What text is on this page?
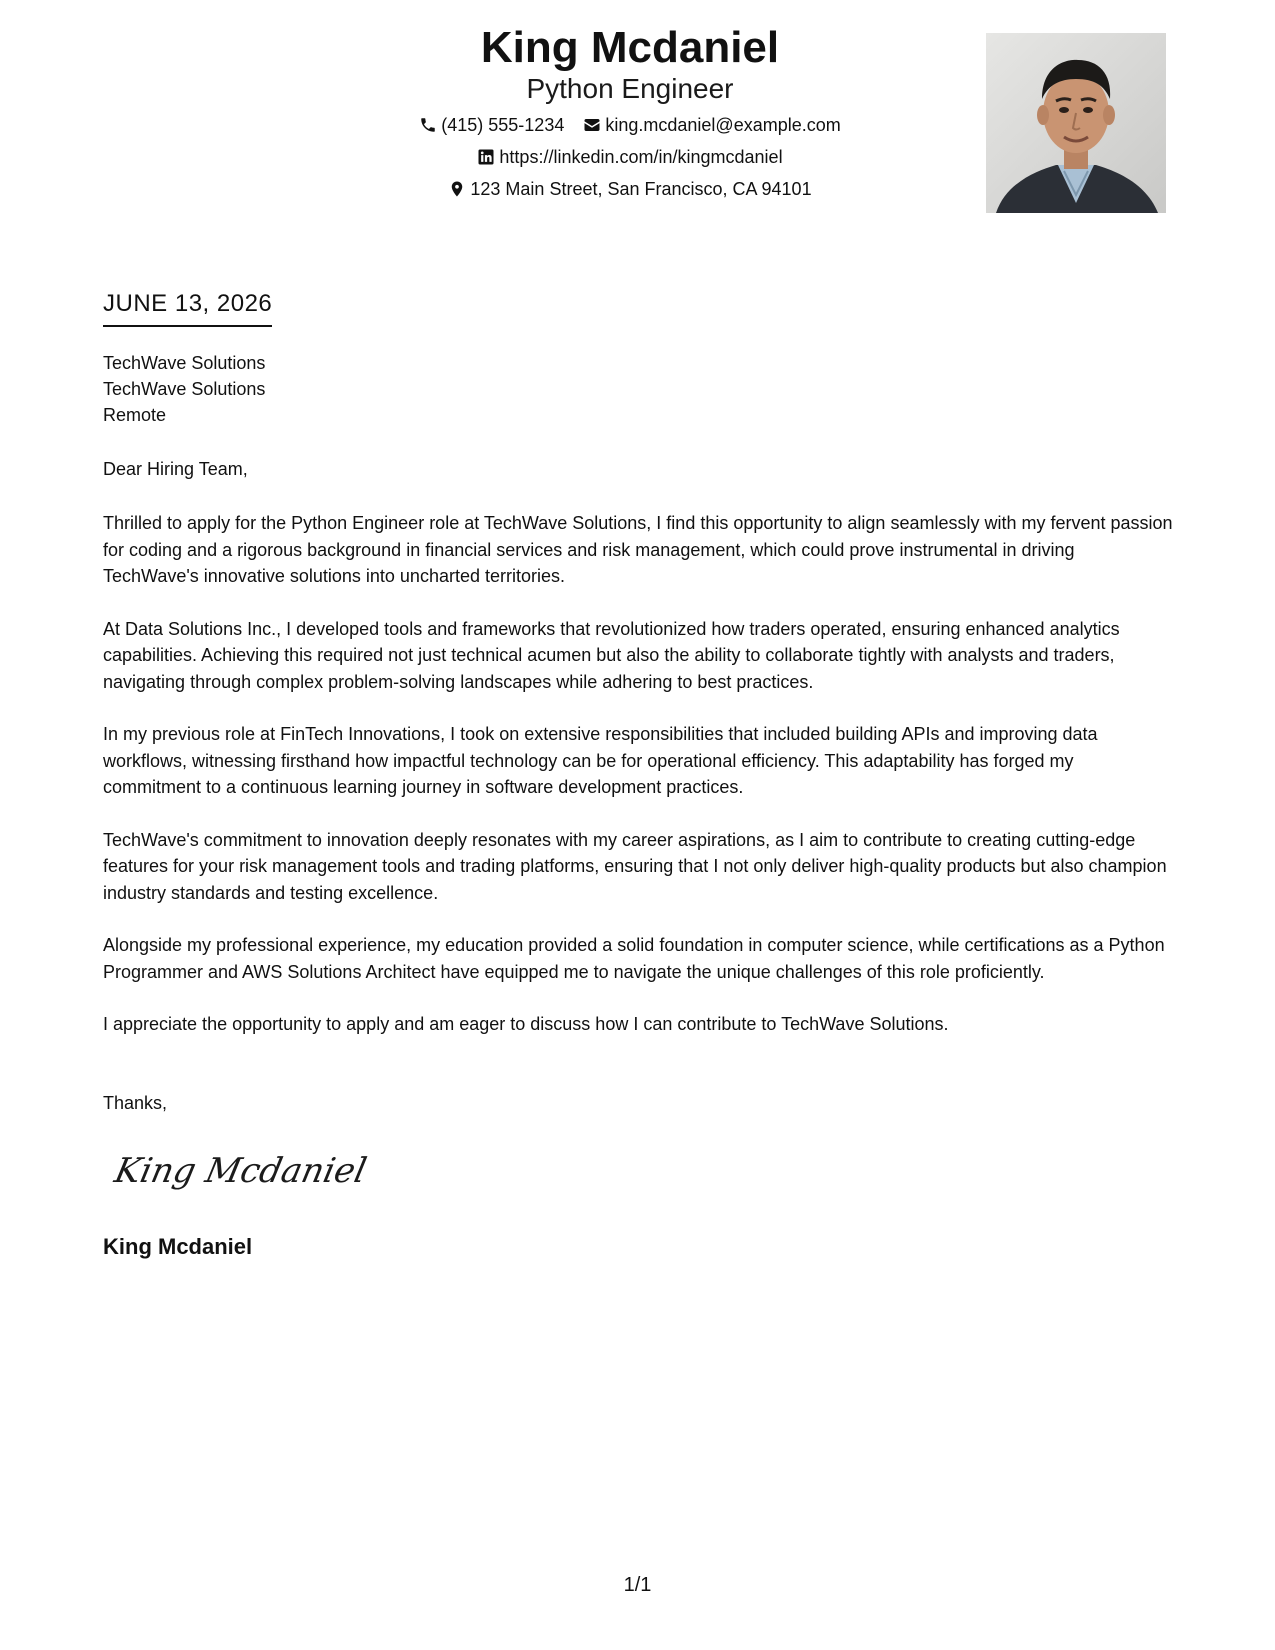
King Mcdaniel
Python Engineer
(415) 555-1234
king.mcdaniel@example.com
https://linkedin.com/in/kingmcdaniel
123 Main Street, San Francisco, CA 94101
JUNE 13, 2026
TechWave Solutions
TechWave Solutions
Remote
Dear Hiring Team,

Thrilled to apply for the Python Engineer role at TechWave Solutions, I find this opportunity to align seamlessly with my fervent passion for coding and a rigorous background in financial services and risk management, which could prove instrumental in driving TechWave's innovative solutions into uncharted territories.

At Data Solutions Inc., I developed tools and frameworks that revolutionized how traders operated, ensuring enhanced analytics capabilities. Achieving this required not just technical acumen but also the ability to collaborate tightly with analysts and traders, navigating through complex problem-solving landscapes while adhering to best practices.

In my previous role at FinTech Innovations, I took on extensive responsibilities that included building APIs and improving data workflows, witnessing firsthand how impactful technology can be for operational efficiency. This adaptability has forged my commitment to a continuous learning journey in software development practices.

TechWave's commitment to innovation deeply resonates with my career aspirations, as I aim to contribute to creating cutting-edge features for your risk management tools and trading platforms, ensuring that I not only deliver high-quality products but also champion industry standards and testing excellence.

Alongside my professional experience, my education provided a solid foundation in computer science, while certifications as a Python Programmer and AWS Solutions Architect have equipped me to navigate the unique challenges of this role proficiently.

I appreciate the opportunity to apply and am eager to discuss how I can contribute to TechWave Solutions.

Thanks,
King Mcdaniel
King Mcdaniel
1/1
